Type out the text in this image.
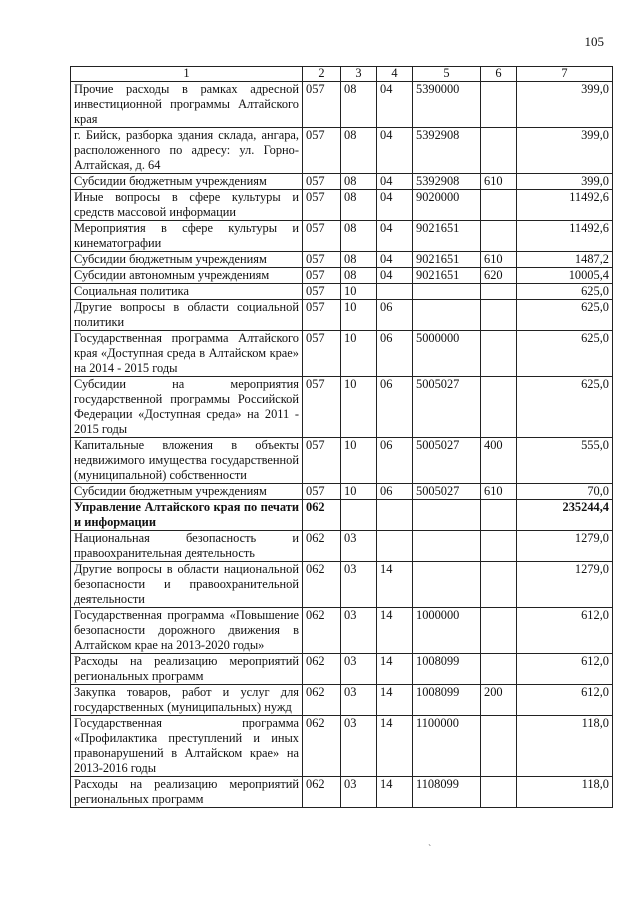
105
1	2	3	4	5	6	7
Прочие расходы в рамках адресной инвестиционной программы Алтайского края	057	08	04	5390000		399,0
г. Бийск, разборка здания склада, ангара, расположенного по адресу: ул. Горно-Алтайская, д. 64	057	08	04	5392908		399,0
Субсидии бюджетным учреждениям	057	08	04	5392908	610	399,0
Иные вопросы в сфере культуры и средств массовой информации	057	08	04	9020000		11492,6
Мероприятия в сфере культуры и кинематографии	057	08	04	9021651		11492,6
Субсидии бюджетным учреждениям	057	08	04	9021651	610	1487,2
Субсидии автономным учреждениям	057	08	04	9021651	620	10005,4
Социальная политика	057	10				625,0
Другие вопросы в области социальной политики	057	10	06			625,0
Государственная программа Алтайского края «Доступная среда в Алтайском крае» на 2014 - 2015 годы	057	10	06	5000000		625,0
Субсидии на мероприятия государственной программы Российской Федерации «Доступная среда» на 2011 - 2015 годы	057	10	06	5005027		625,0
Капитальные вложения в объекты недвижимого имущества государственной (муниципальной) собственности	057	10	06	5005027	400	555,0
Субсидии бюджетным учреждениям	057	10	06	5005027	610	70,0
Управление Алтайского края по печати и информации	062					235244,4
Национальная безопасность и правоохранительная деятельность	062	03				1279,0
Другие вопросы в области национальной безопасности и правоохранительной деятельности	062	03	14			1279,0
Государственная программа «Повышение безопасности дорожного движения в Алтайском крае на 2013-2020 годы»	062	03	14	1000000		612,0
Расходы на реализацию мероприятий региональных программ	062	03	14	1008099		612,0
Закупка товаров, работ и услуг для государственных (муниципальных) нужд	062	03	14	1008099	200	612,0
Государственная программа «Профилактика преступлений и иных правонарушений в Алтайском крае» на 2013-2016 годы	062	03	14	1100000		118,0
Расходы на реализацию мероприятий региональных программ	062	03	14	1108099		118,0
`
